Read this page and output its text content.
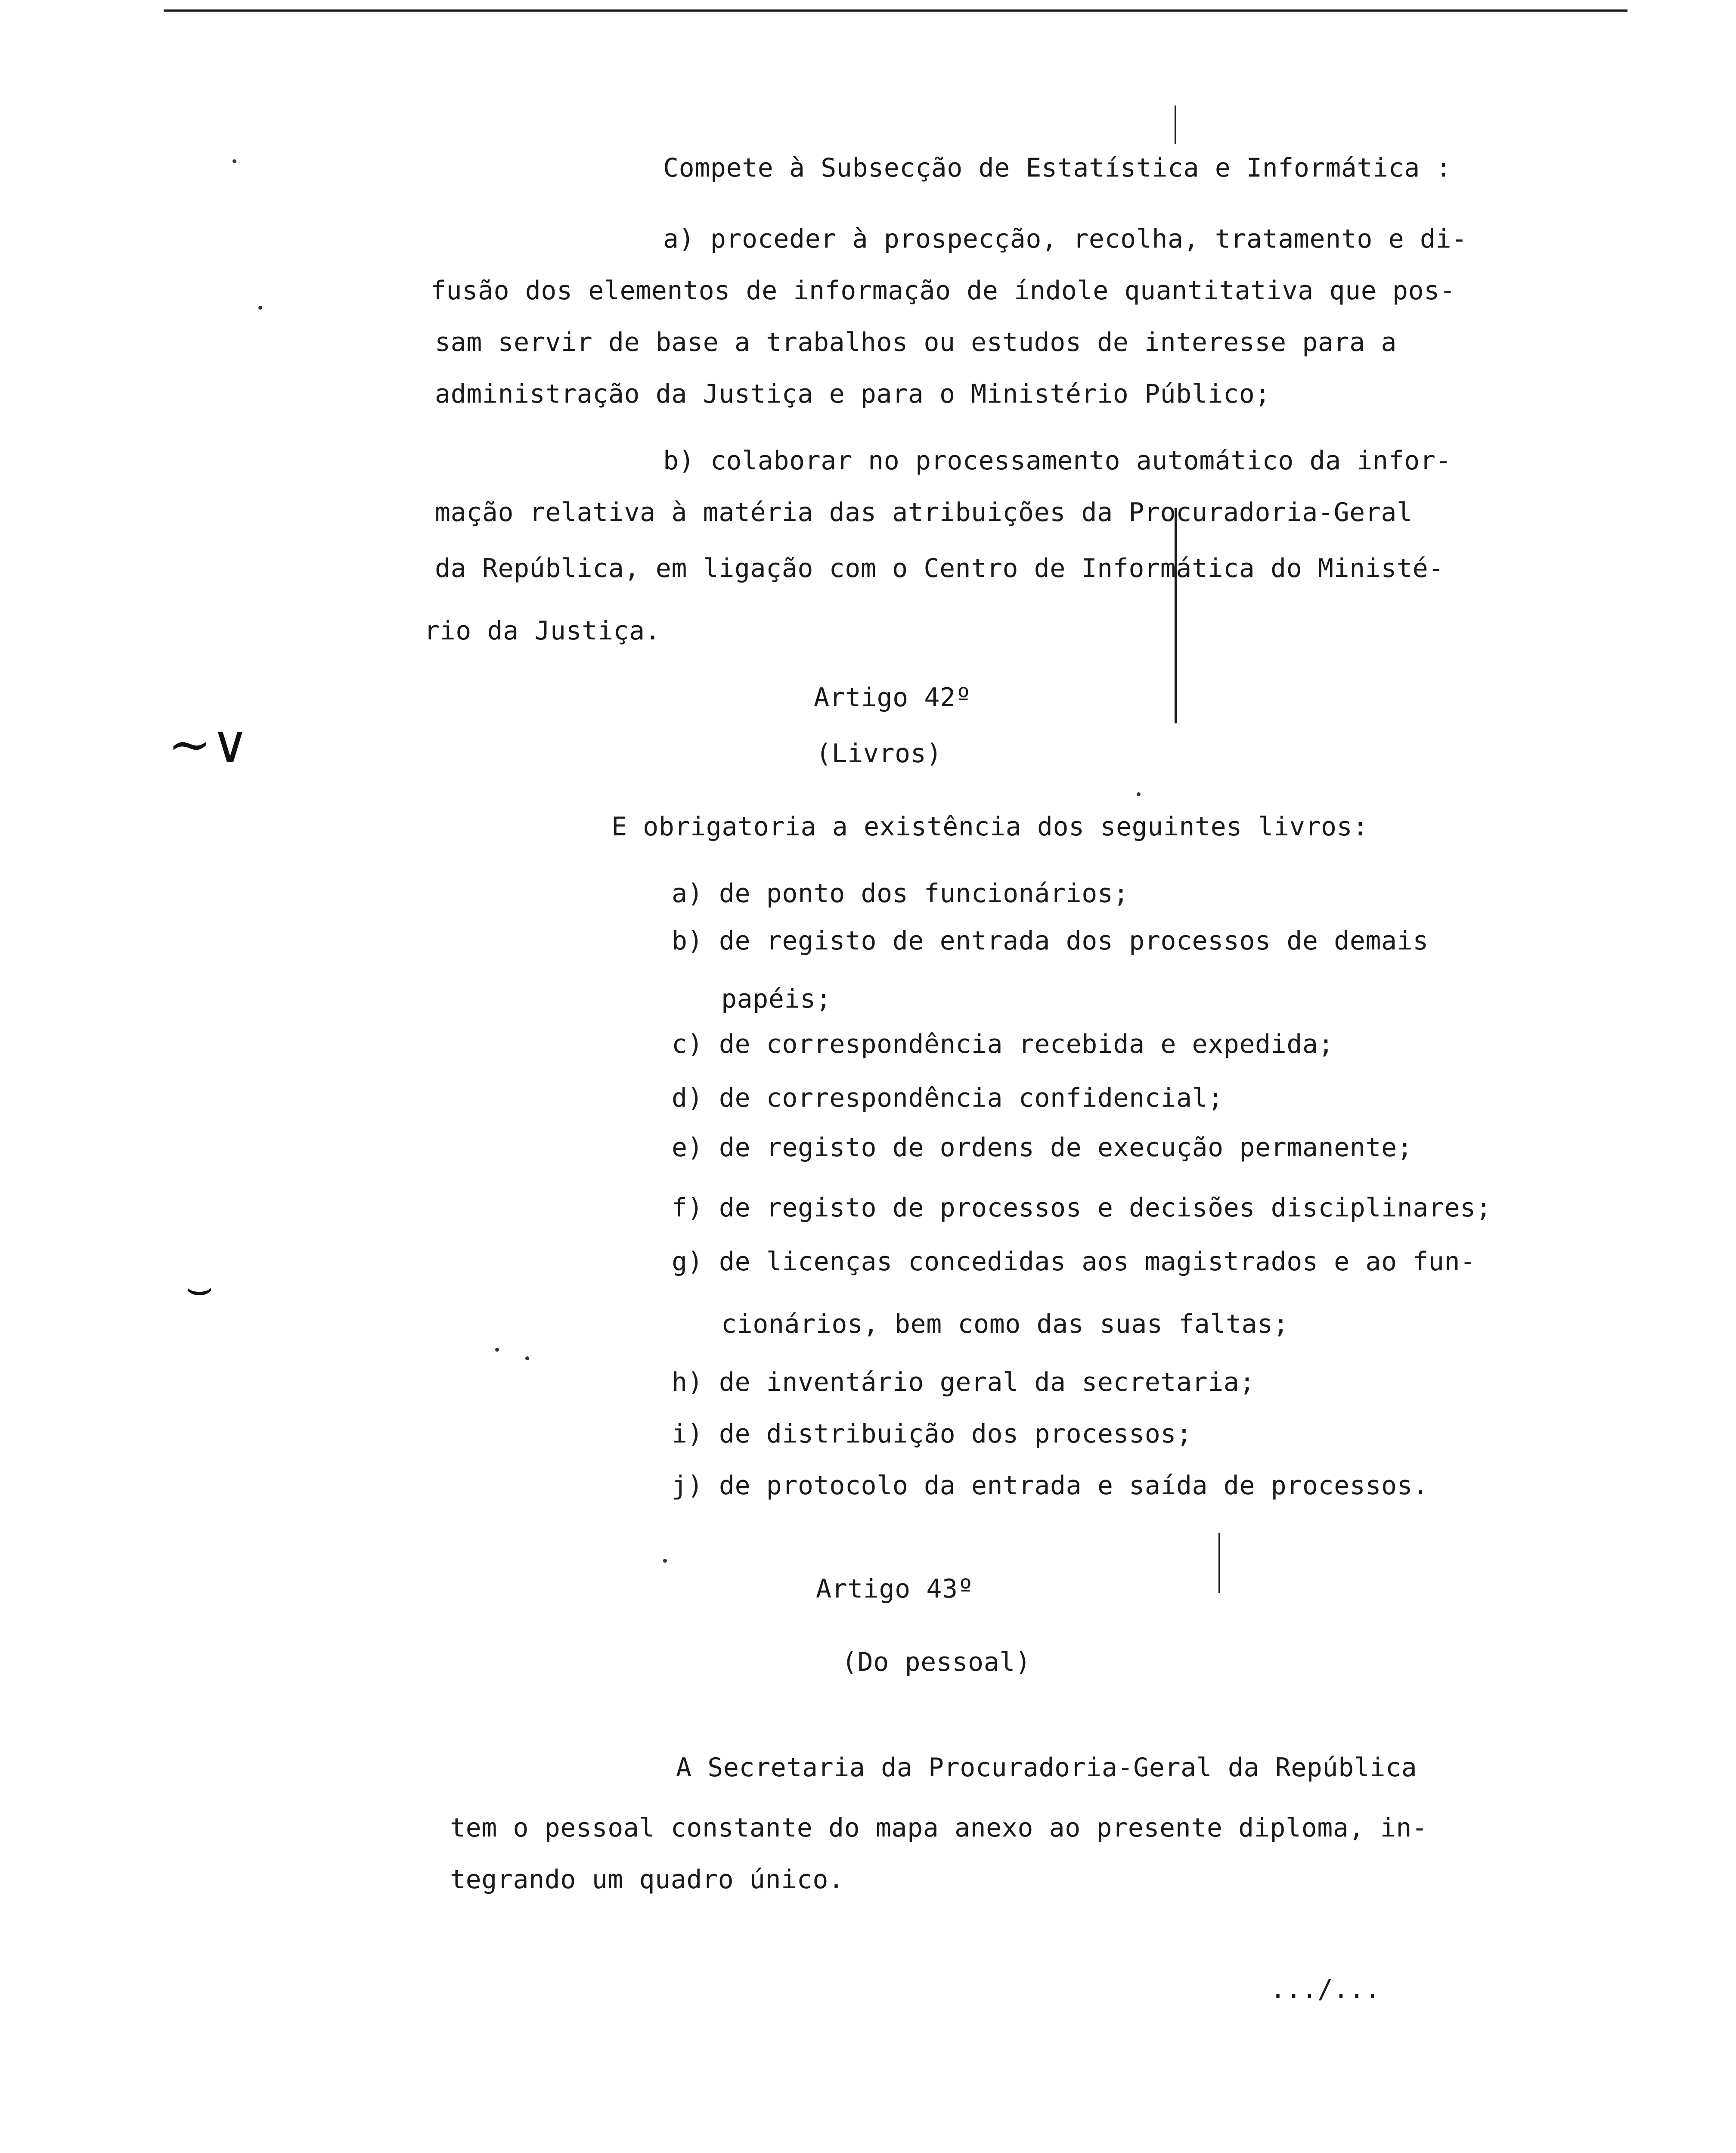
~∨
⌣
Compete à Subsecção de Estatística e Informática :
a) proceder à prospecção, recolha, tratamento e di-
fusão dos elementos de informação de índole quantitativa que pos-
sam servir de base a trabalhos ou estudos de interesse para a
administração da Justiça e para o Ministério Público;
b) colaborar no processamento automático da infor-
mação relativa à matéria das atribuições da Procuradoria-Geral
da República, em ligação com o Centro de Informática do Ministé-
rio da Justiça.
Artigo 42º
(Livros)
E obrigatoria a existência dos seguintes livros:
a) de ponto dos funcionários;
b) de registo de entrada dos processos de demais
papéis;
c) de correspondência recebida e expedida;
d) de correspondência confidencial;
e) de registo de ordens de execução permanente;
f) de registo de processos e decisões disciplinares;
g) de licenças concedidas aos magistrados e ao fun-
cionários, bem como das suas faltas;
h) de inventário geral da secretaria;
i) de distribuição dos processos;
j) de protocolo da entrada e saída de processos.
Artigo 43º
(Do pessoal)
A Secretaria da Procuradoria-Geral da República
tem o pessoal constante do mapa anexo ao presente diploma, in-
tegrando um quadro único.
.../...
